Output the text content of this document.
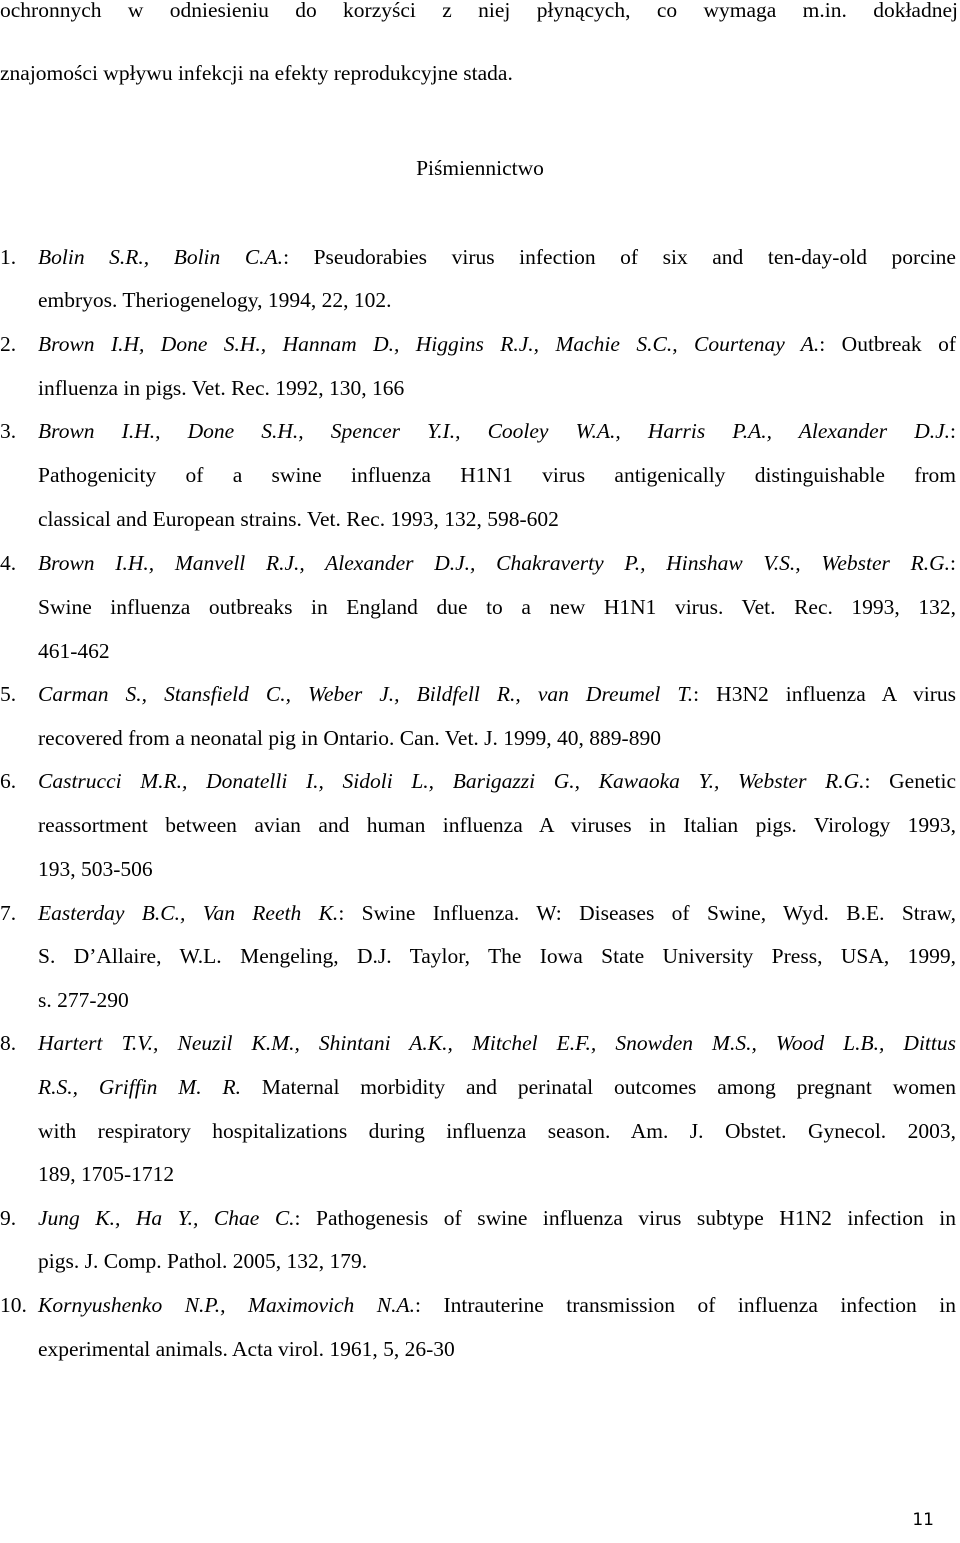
ochronnych w odniesieniu do korzyści z niej płynących, co wymaga m.in. dokładnej
znajomości wpływu infekcji na efekty reprodukcyjne stada.
Piśmiennictwo
1. Bolin S.R., Bolin C.A.: Pseudorabies virus infection of six and ten-day-old porcine
embryos. Theriogenelogy, 1994, 22, 102.
2. Brown I.H, Done S.H., Hannam D., Higgins R.J., Machie S.C., Courtenay A.: Outbreak of
influenza in pigs. Vet. Rec. 1992, 130, 166
3. Brown I.H., Done S.H., Spencer Y.I., Cooley W.A., Harris P.A., Alexander D.J.:
Pathogenicity of a swine influenza H1N1 virus antigenically distinguishable from
classical and European strains. Vet. Rec. 1993, 132, 598-602
4. Brown I.H., Manvell R.J., Alexander D.J., Chakraverty P., Hinshaw V.S., Webster R.G.:
Swine influenza outbreaks in England due to a new H1N1 virus. Vet. Rec. 1993, 132,
461-462
5. Carman S., Stansfield C., Weber J., Bildfell R., van Dreumel T.: H3N2 influenza A virus
recovered from a neonatal pig in Ontario. Can. Vet. J. 1999, 40, 889-890
6. Castrucci M.R., Donatelli I., Sidoli L., Barigazzi G., Kawaoka Y., Webster R.G.: Genetic
reassortment between avian and human influenza A viruses in Italian pigs. Virology 1993,
193, 503-506
7. Easterday B.C., Van Reeth K.: Swine Influenza. W: Diseases of Swine, Wyd. B.E. Straw,
S. D’Allaire, W.L. Mengeling, D.J. Taylor, The Iowa State University Press, USA, 1999,
s. 277-290
8. Hartert T.V., Neuzil K.M., Shintani A.K., Mitchel E.F., Snowden M.S., Wood L.B., Dittus
R.S., Griffin M. R. Maternal morbidity and perinatal outcomes among pregnant women
with respiratory hospitalizations during influenza season. Am. J. Obstet. Gynecol. 2003,
189, 1705-1712
9. Jung K., Ha Y., Chae C.: Pathogenesis of swine influenza virus subtype H1N2 infection in
pigs. J. Comp. Pathol. 2005, 132, 179.
10. Kornyushenko N.P., Maximovich N.A.: Intrauterine transmission of influenza infection in
experimental animals. Acta virol. 1961, 5, 26-30
11
